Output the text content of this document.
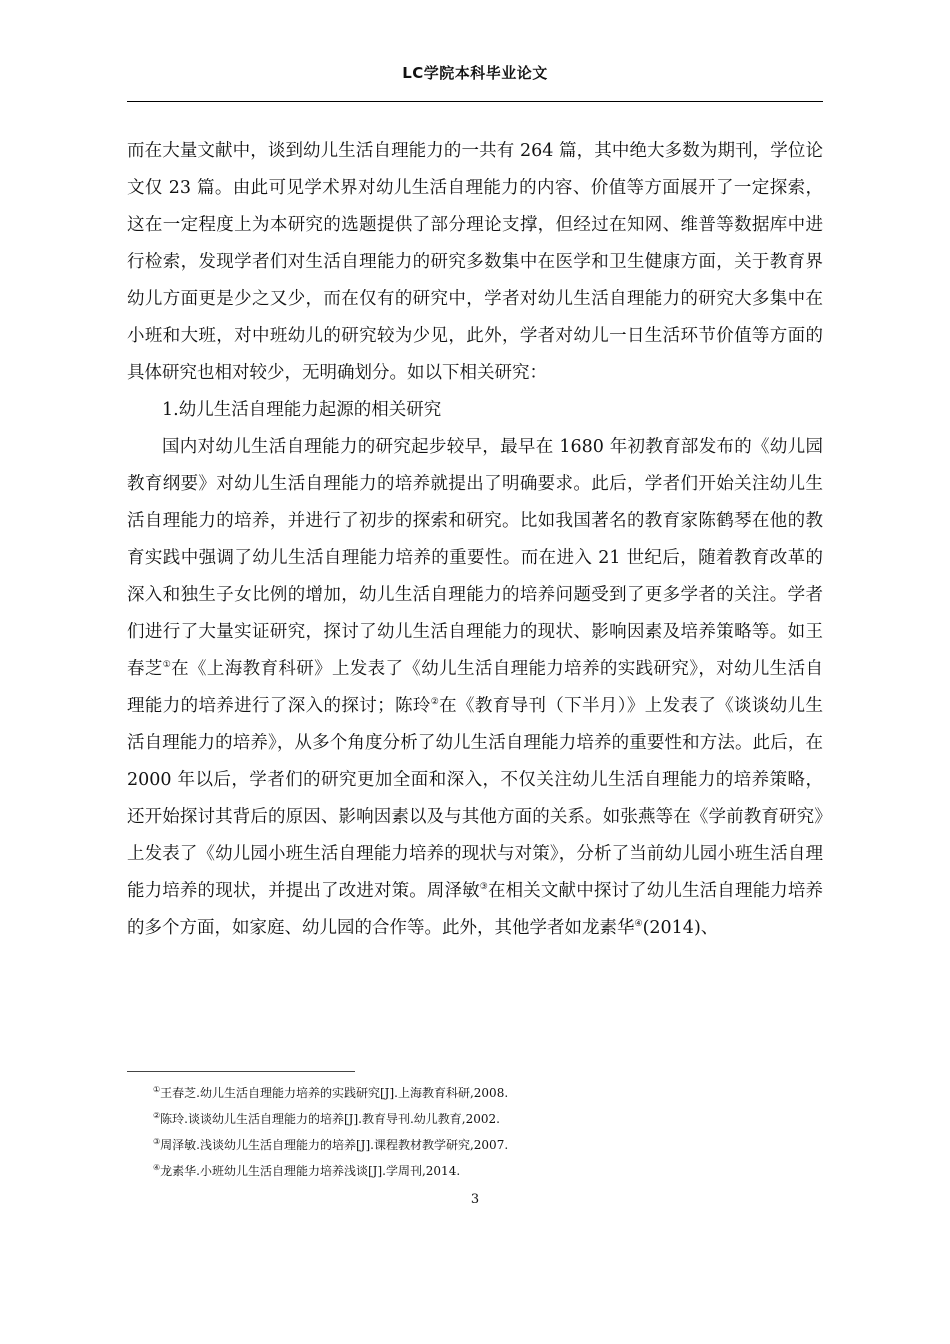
LC学院本科毕业论文

而在大量文献中，谈到幼儿生活自理能力的一共有 264 篇，其中绝大多数为期刊，学位论文仅 23 篇。由此可见学术界对幼儿生活自理能力的内容、价值等方面展开了一定探索，这在一定程度上为本研究的选题提供了部分理论支撑，但经过在知网、维普等数据库中进行检索，发现学者们对生活自理能力的研究多数集中在医学和卫生健康方面，关于教育界幼儿方面更是少之又少，而在仅有的研究中，学者对幼儿生活自理能力的研究大多集中在小班和大班，对中班幼儿的研究较为少见，此外，学者对幼儿一日生活环节价值等方面的具体研究也相对较少，无明确划分。如以下相关研究：

1.幼儿生活自理能力起源的相关研究

国内对幼儿生活自理能力的研究起步较早，最早在 1680 年初教育部发布的《幼儿园教育纲要》对幼儿生活自理能力的培养就提出了明确要求。此后，学者们开始关注幼儿生活自理能力的培养，并进行了初步的探索和研究。比如我国著名的教育家陈鹤琴在他的教育实践中强调了幼儿生活自理能力培养的重要性。而在进入 21 世纪后，随着教育改革的深入和独生子女比例的增加，幼儿生活自理能力的培养问题受到了更多学者的关注。学者们进行了大量实证研究，探讨了幼儿生活自理能力的现状、影响因素及培养策略等。如王春芝①在《上海教育科研》上发表了《幼儿生活自理能力培养的实践研究》，对幼儿生活自理能力的培养进行了深入的探讨；陈玲②在《教育导刊（下半月）》上发表了《谈谈幼儿生活自理能力的培养》，从多个角度分析了幼儿生活自理能力培养的重要性和方法。此后，在 2000 年以后，学者们的研究更加全面和深入，不仅关注幼儿生活自理能力的培养策略，还开始探讨其背后的原因、影响因素以及与其他方面的关系。如张燕等在《学前教育研究》上发表了《幼儿园小班生活自理能力培养的现状与对策》，分析了当前幼儿园小班生活自理能力培养的现状，并提出了改进对策。周泽敏③在相关文献中探讨了幼儿生活自理能力培养的多个方面，如家庭、幼儿园的合作等。此外，其他学者如龙素华④(2014)、

①王春芝.幼儿生活自理能力培养的实践研究[J].上海教育科研,2008.
②陈玲.谈谈幼儿生活自理能力的培养[J].教育导刊.幼儿教育,2002.
③周泽敏.浅谈幼儿生活自理能力的培养[J].课程教材教学研究,2007.
④龙素华.小班幼儿生活自理能力培养浅谈[J].学周刊,2014.
3
